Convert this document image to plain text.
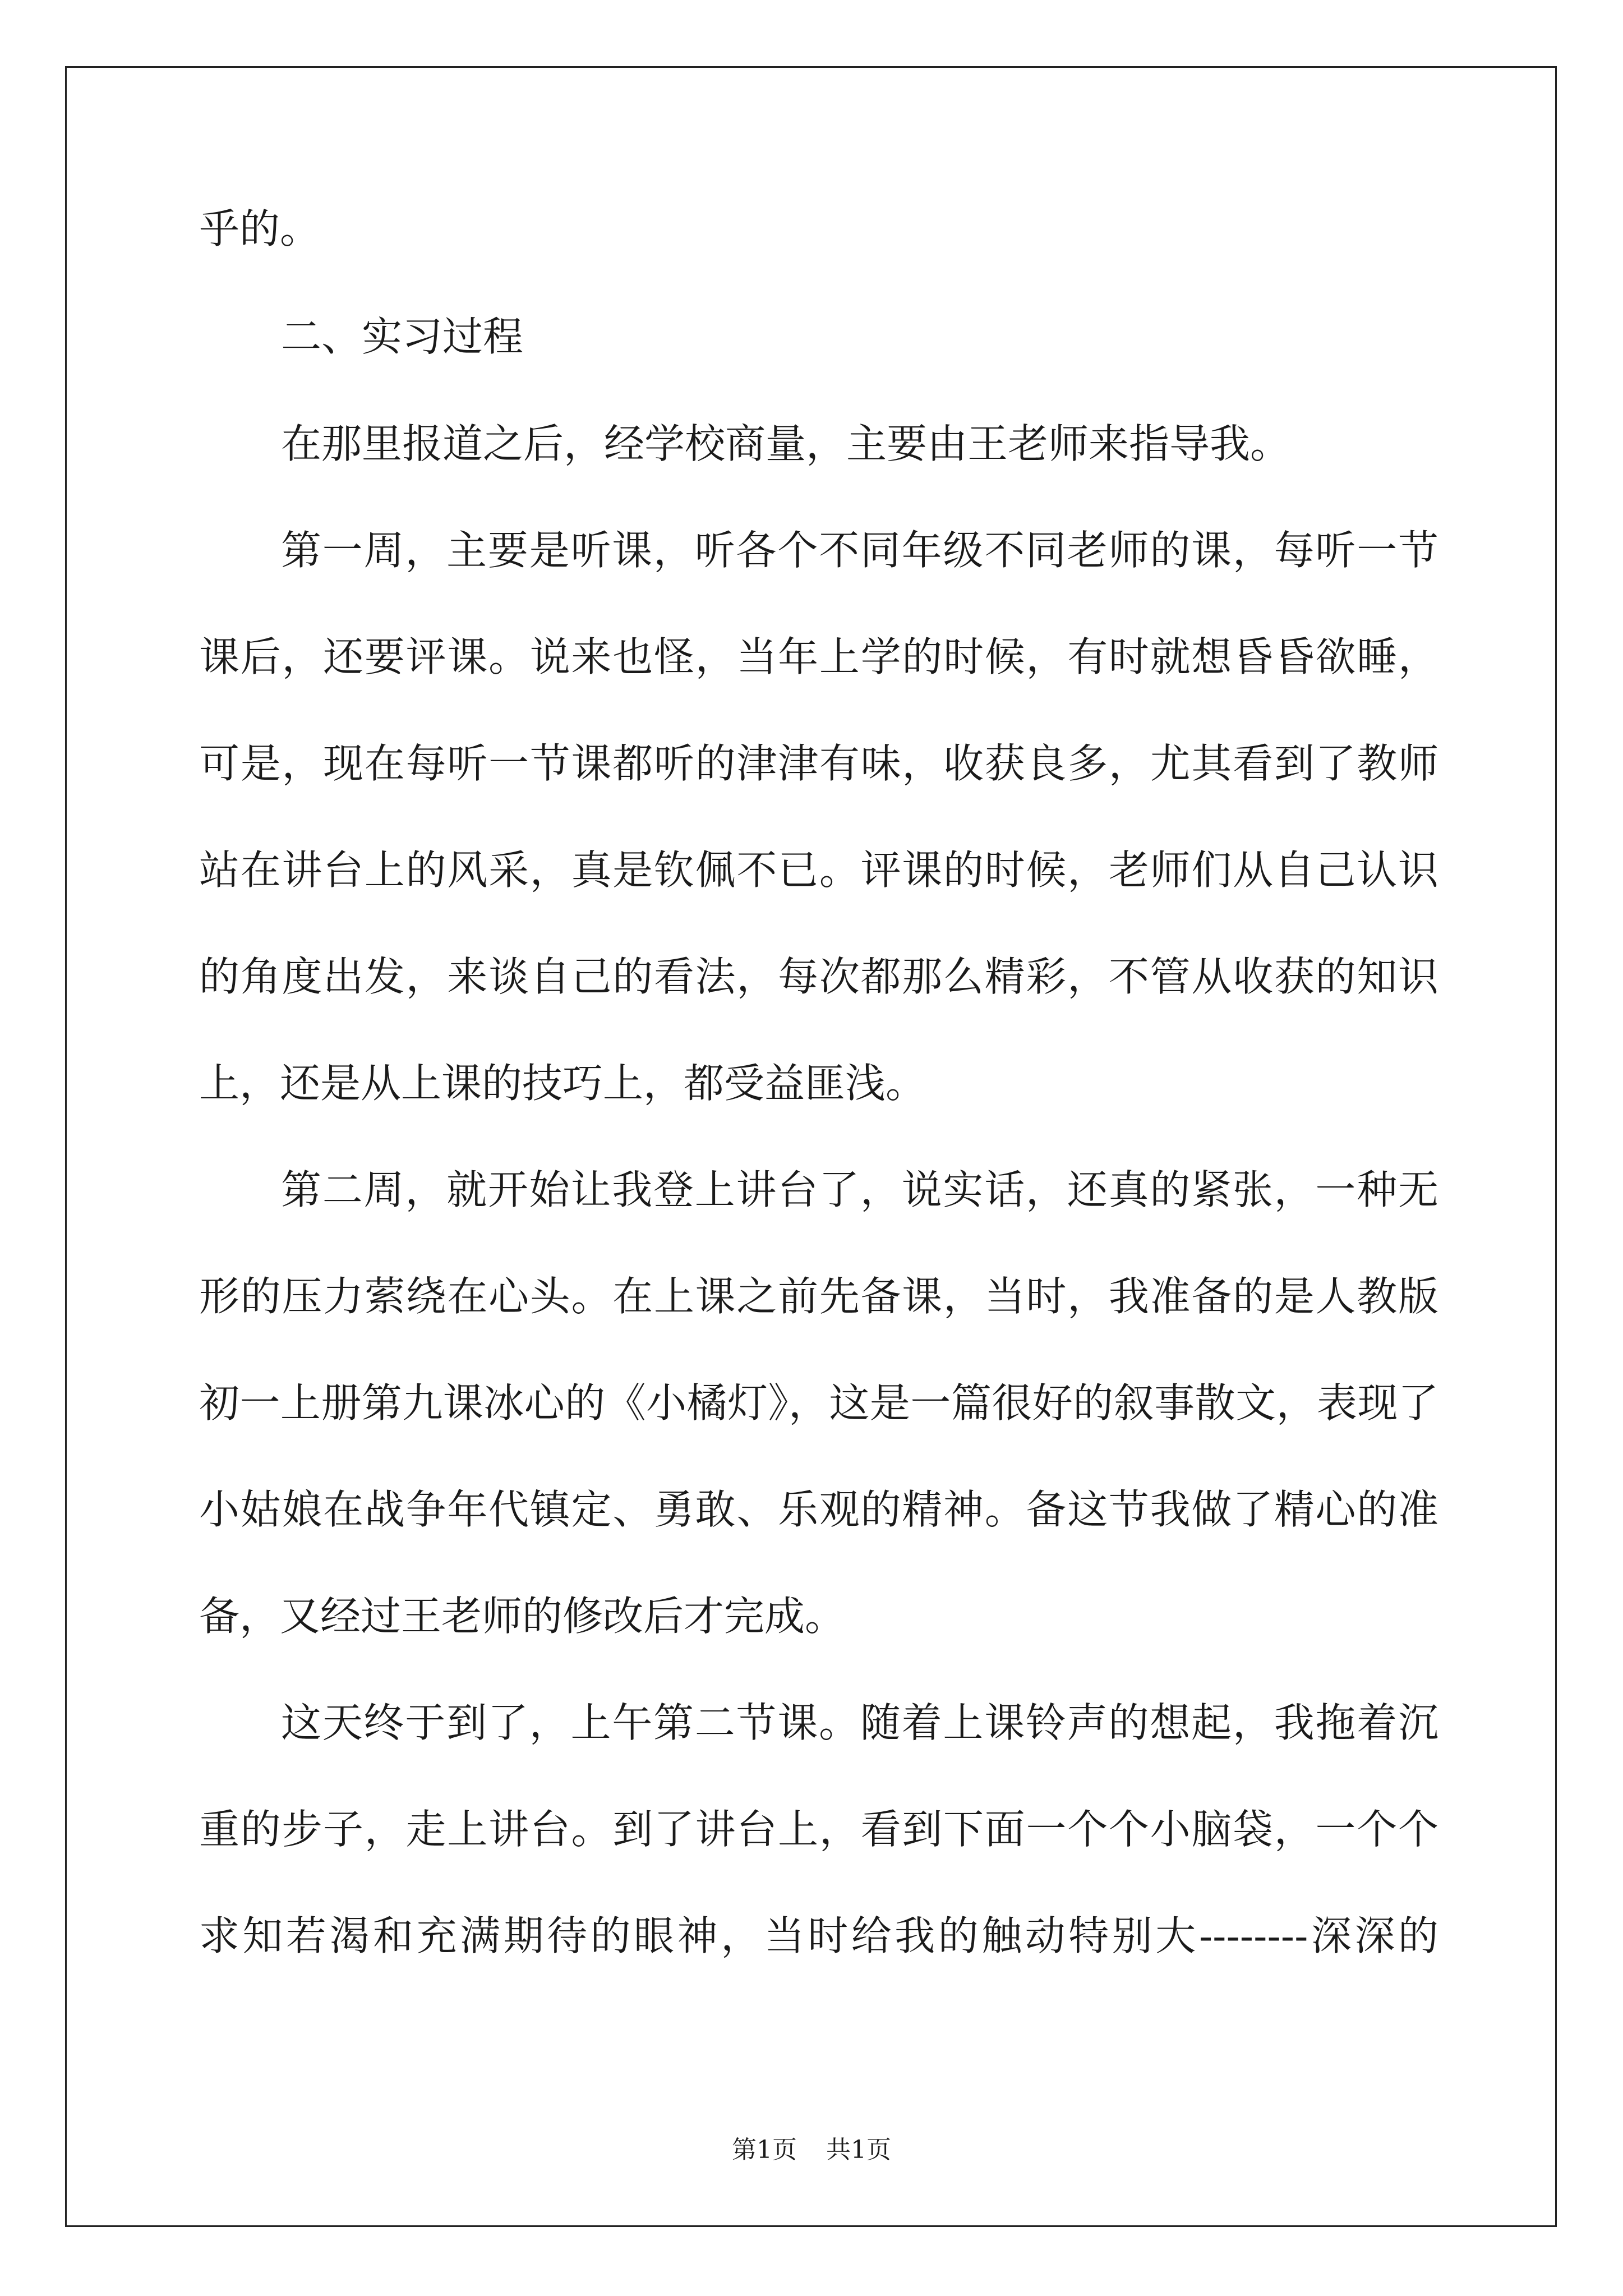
乎的。
二、实习过程
在那里报道之后，经学校商量，主要由王老师来指导我。
第一周，主要是听课，听各个不同年级不同老师的课，每听一节
课后，还要评课。说来也怪，当年上学的时候，有时就想昏昏欲睡，
可是，现在每听一节课都听的津津有味，收获良多，尤其看到了教师
站在讲台上的风采，真是钦佩不已。评课的时候，老师们从自己认识
的角度出发，来谈自己的看法，每次都那么精彩，不管从收获的知识
上，还是从上课的技巧上，都受益匪浅。
第二周，就开始让我登上讲台了，说实话，还真的紧张，一种无
形的压力萦绕在心头。在上课之前先备课，当时，我准备的是人教版
初一上册第九课冰心的《小橘灯》，这是一篇很好的叙事散文，表现了
小姑娘在战争年代镇定、勇敢、乐观的精神。备这节我做了精心的准
备，又经过王老师的修改后才完成。
这天终于到了，上午第二节课。随着上课铃声的想起，我拖着沉
重的步子，走上讲台。到了讲台上，看到下面一个个小脑袋，一个个
求知若渴和充满期待的眼神，当时给我的触动特别大--------深深的
第1页 共1页
